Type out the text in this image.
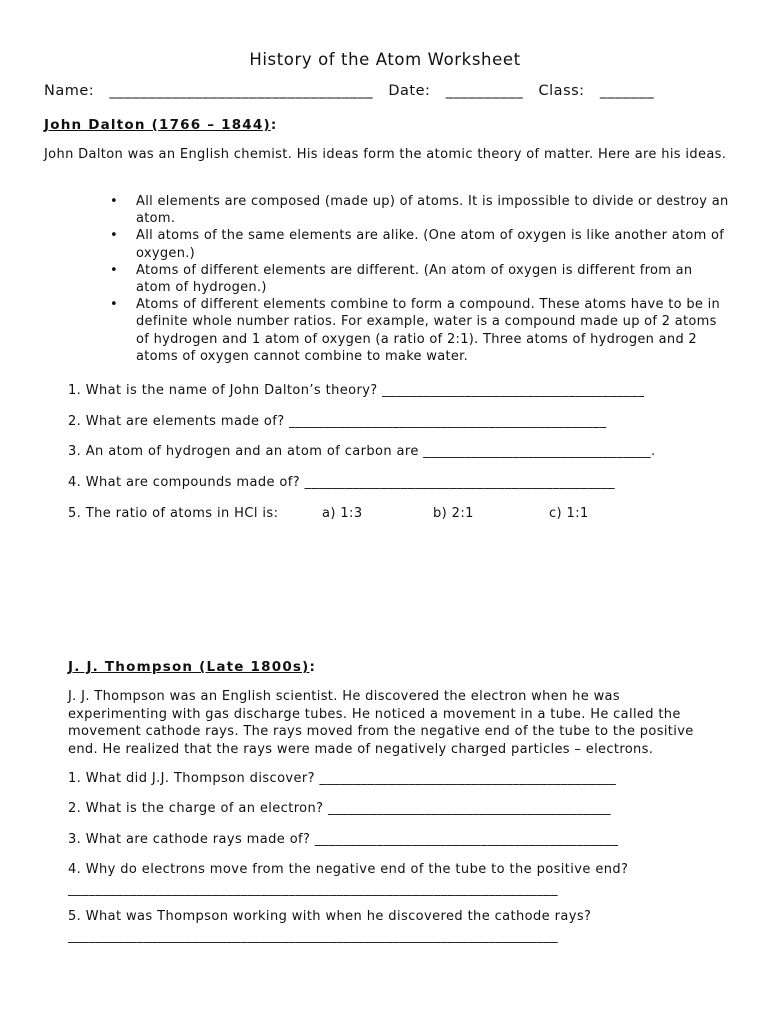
History of the Atom Worksheet
Name: __________________________________ Date: __________ Class: _______
John Dalton (1766 – 1844):

John Dalton was an English chemist. His ideas form the atomic theory of matter. Here are his ideas.

• All elements are composed (made up) of atoms. It is impossible to divide or destroy an atom.
• All atoms of the same elements are alike. (One atom of oxygen is like another atom of oxygen.)
• Atoms of different elements are different. (An atom of oxygen is different from an atom of hydrogen.)
• Atoms of different elements combine to form a compound. These atoms have to be in definite whole number ratios. For example, water is a compound made up of 2 atoms of hydrogen and 1 atom of oxygen (a ratio of 2:1). Three atoms of hydrogen and 2 atoms of oxygen cannot combine to make water.
1. What is the name of John Dalton’s theory? ______________________________________
2. What are elements made of? ______________________________________________
3. An atom of hydrogen and an atom of carbon are _________________________________.
4. What are compounds made of? _____________________________________________
5. The ratio of atoms in HCl is:	a) 1:3	b) 2:1	c) 1:1
J. J. Thompson (Late 1800s):

J. J. Thompson was an English scientist. He discovered the electron when he was experimenting with gas discharge tubes. He noticed a movement in a tube. He called the movement cathode rays. The rays moved from the negative end of the tube to the positive end. He realized that the rays were made of negatively charged particles – electrons.

1. What did J.J. Thompson discover? ___________________________________________
2. What is the charge of an electron? _________________________________________
3. What are cathode rays made of? ____________________________________________
4. Why do electrons move from the negative end of the tube to the positive end?
_______________________________________________________________________
5. What was Thompson working with when he discovered the cathode rays?
_______________________________________________________________________
